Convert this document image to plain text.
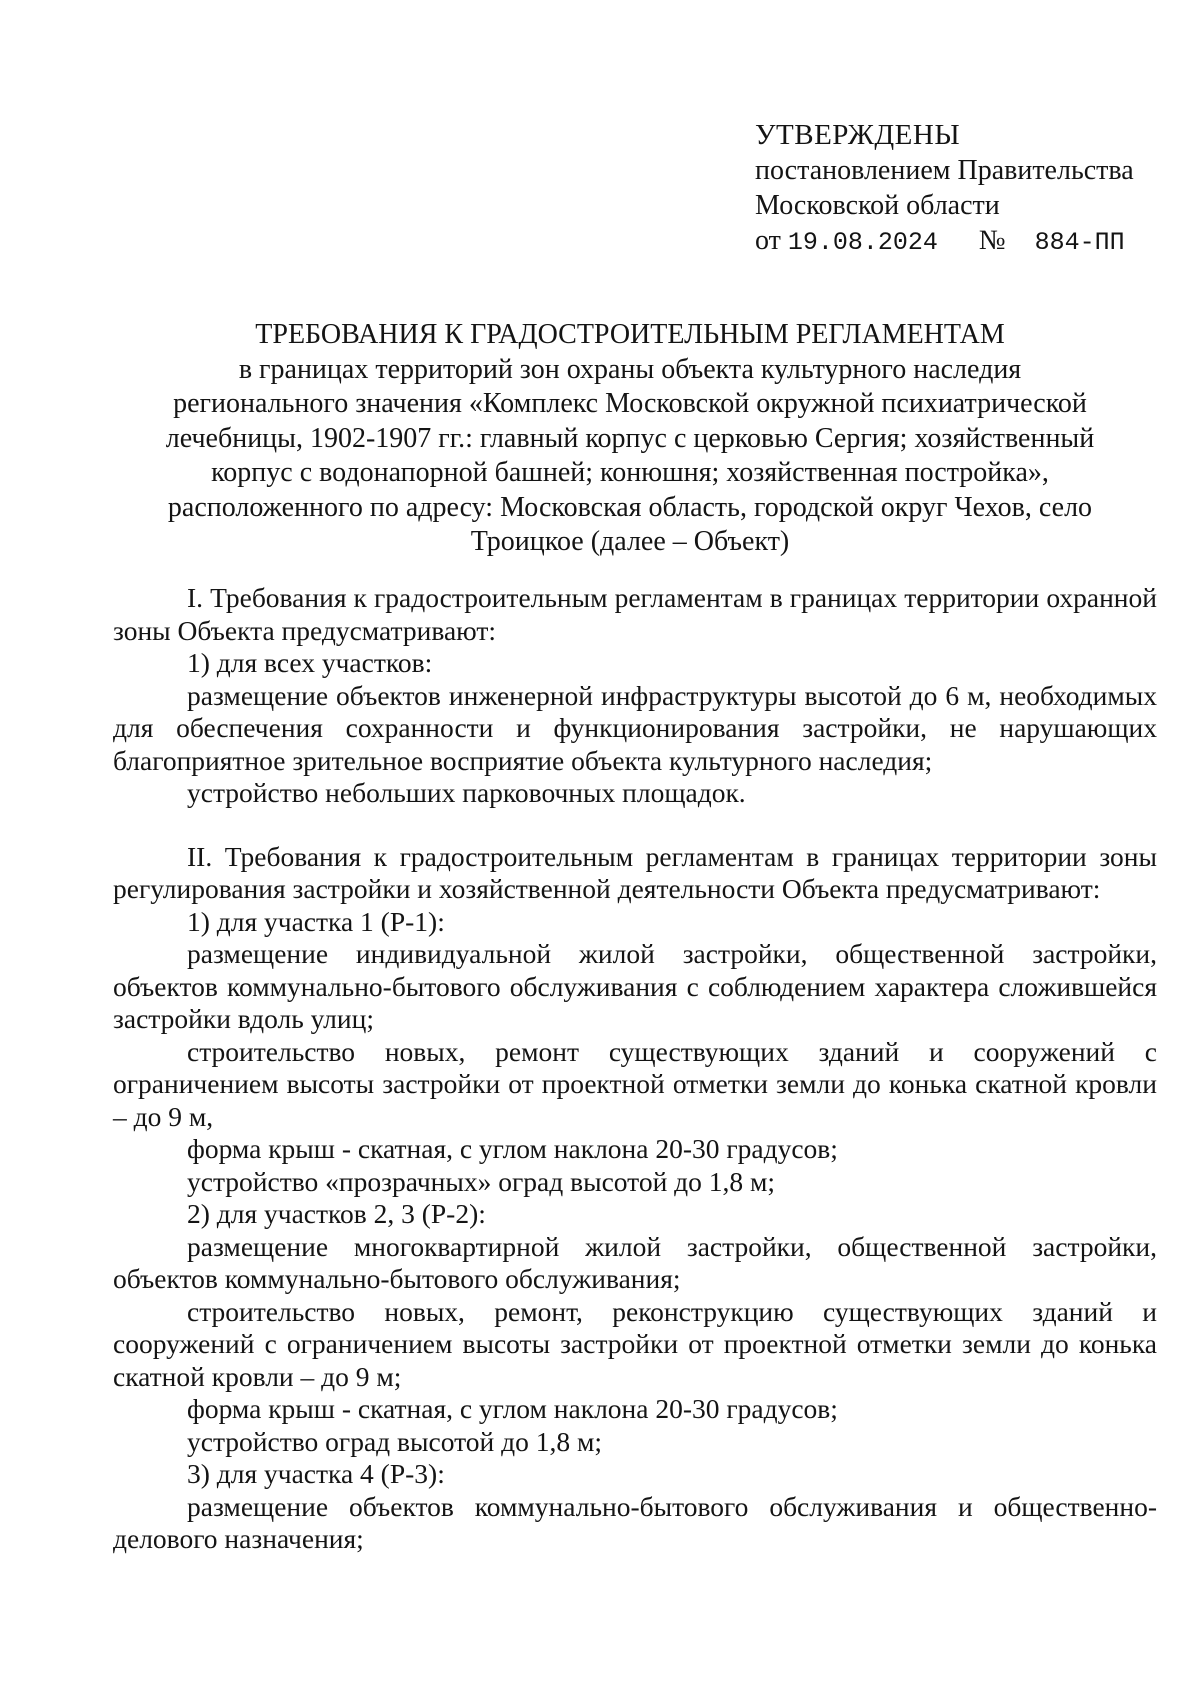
УТВЕРЖДЕНЫ
постановлением Правительства
Московской области
от 19.08.2024 № 884-ПП
ТРЕБОВАНИЯ К ГРАДОСТРОИТЕЛЬНЫМ РЕГЛАМЕНТАМ
в границах территорий зон охраны объекта культурного наследия
регионального значения «Комплекс Московской окружной психиатрической
лечебницы, 1902-1907 гг.: главный корпус с церковью Сергия; хозяйственный
корпус с водонапорной башней; конюшня; хозяйственная постройка»,
расположенного по адресу: Московская область, городской округ Чехов, село
Троицкое (далее – Объект)
I. Требования к градостроительным регламентам в границах территории охранной зоны Объекта предусматривают:
1) для всех участков:
размещение объектов инженерной инфраструктуры высотой до 6 м, необходимых для обеспечения сохранности и функционирования застройки, не нарушающих благоприятное зрительное восприятие объекта культурного наследия;
устройство небольших парковочных площадок.
II. Требования к градостроительным регламентам в границах территории зоны регулирования застройки и хозяйственной деятельности Объекта предусматривают:
1) для участка 1 (Р-1):
размещение индивидуальной жилой застройки, общественной застройки, объектов коммунально-бытового обслуживания с соблюдением характера сложившейся застройки вдоль улиц;
строительство новых, ремонт существующих зданий и сооружений с ограничением высоты застройки от проектной отметки земли до конька скатной кровли – до 9 м,
форма крыш - скатная, с углом наклона 20-30 градусов;
устройство «прозрачных» оград высотой до 1,8 м;
2) для участков 2, 3 (Р-2):
размещение многоквартирной жилой застройки, общественной застройки, объектов коммунально-бытового обслуживания;
строительство новых, ремонт, реконструкцию существующих зданий и сооружений с ограничением высоты застройки от проектной отметки земли до конька скатной кровли – до 9 м;
форма крыш - скатная, с углом наклона 20-30 градусов;
устройство оград высотой до 1,8 м;
3) для участка 4 (Р-3):
размещение объектов коммунально-бытового обслуживания и общественно-делового назначения;
